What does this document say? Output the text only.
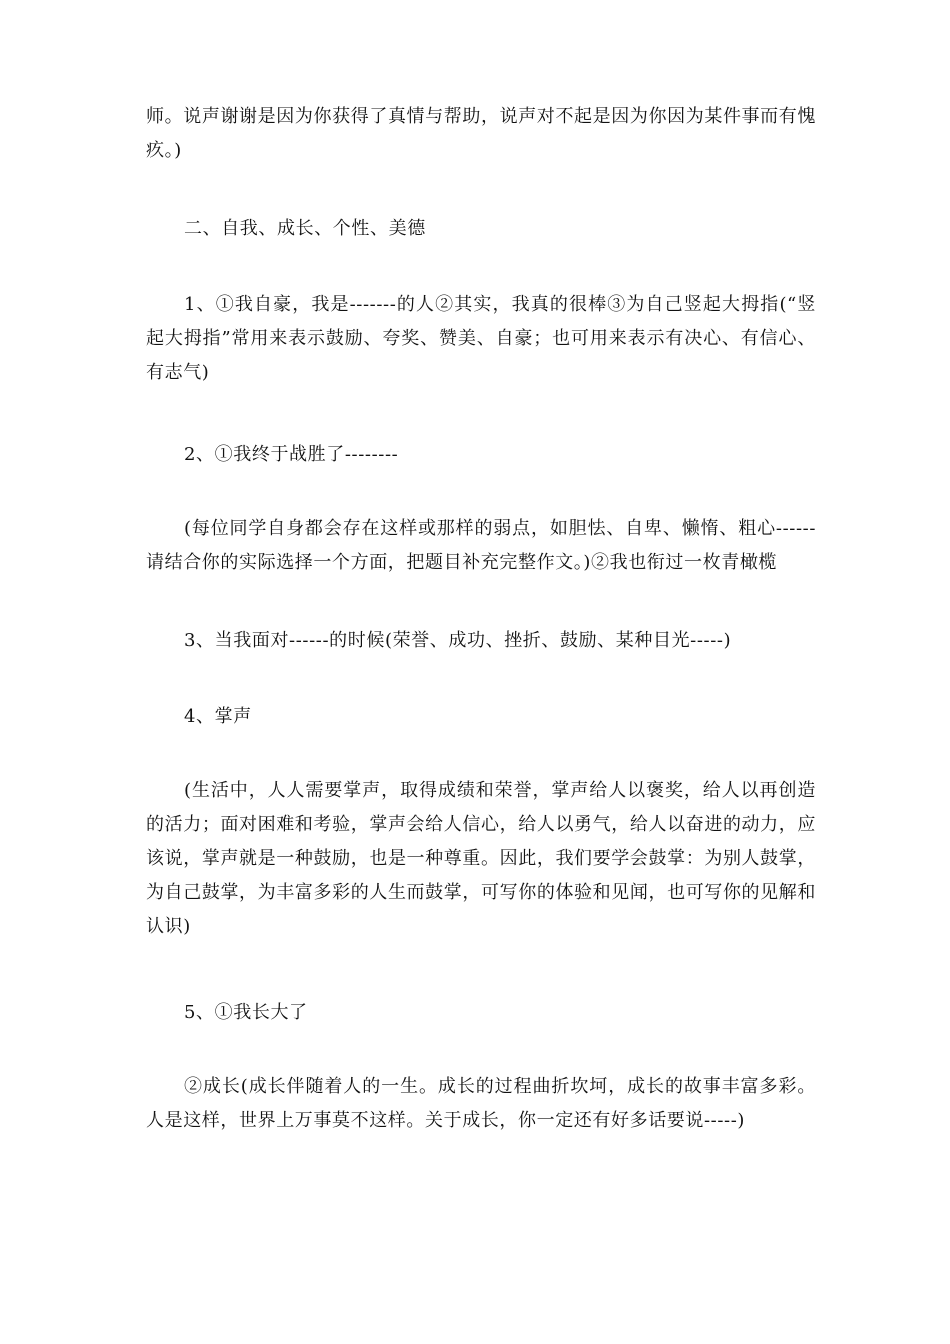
师。说声谢谢是因为你获得了真情与帮助，说声对不起是因为你因为某件事而有愧疚。)

二、自我、成长、个性、美德

1、①我自豪，我是-------的人②其实，我真的很棒③为自己竖起大拇指(“竖起大拇指”常用来表示鼓励、夸奖、赞美、自豪；也可用来表示有决心、有信心、有志气)

2、①我终于战胜了--------

(每位同学自身都会存在这样或那样的弱点，如胆怯、自卑、懒惰、粗心------请结合你的实际选择一个方面，把题目补充完整作文。)②我也衔过一枚青橄榄

3、当我面对------的时候(荣誉、成功、挫折、鼓励、某种目光-----)

4、掌声

(生活中，人人需要掌声，取得成绩和荣誉，掌声给人以褒奖，给人以再创造的活力；面对困难和考验，掌声会给人信心，给人以勇气，给人以奋进的动力，应该说，掌声就是一种鼓励，也是一种尊重。因此，我们要学会鼓掌：为别人鼓掌，为自己鼓掌，为丰富多彩的人生而鼓掌，可写你的体验和见闻，也可写你的见解和认识)

5、①我长大了

②成长(成长伴随着人的一生。成长的过程曲折坎坷，成长的故事丰富多彩。人是这样，世界上万事莫不这样。关于成长，你一定还有好多话要说-----)
